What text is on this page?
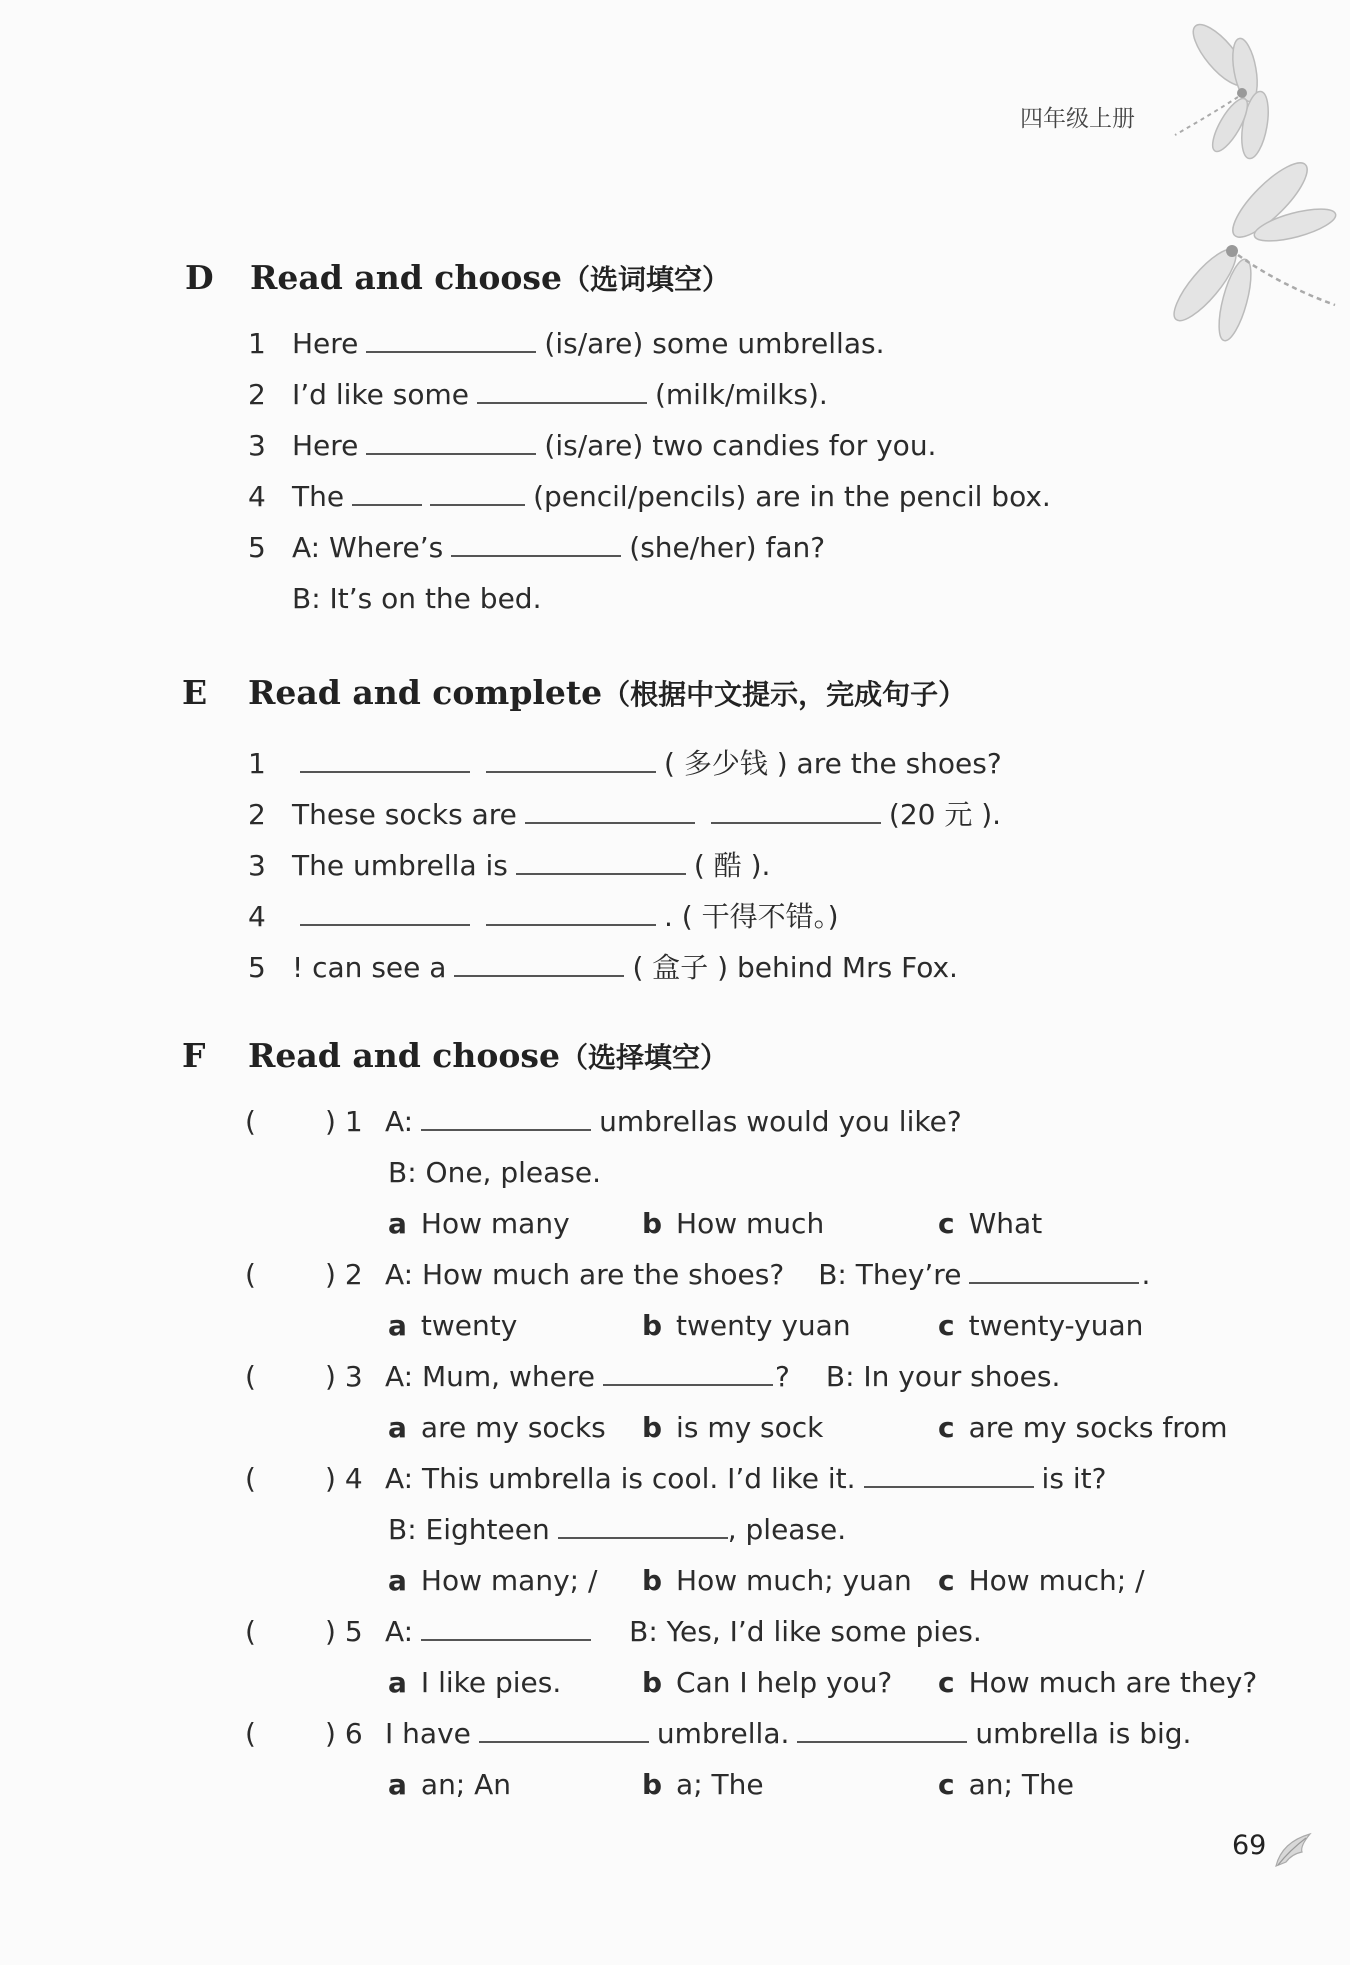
四年级上册
D Read and choose（选词填空）
1 Here	(is/are) some umbrellas.
2 I’d like some	(milk/milks).
3 Here	(is/are) two candies for you.
4 The	(pencil/pencils) are in the pencil box.
5 A: Where’s	(she/her) fan?
B: It’s on the bed.
E Read and complete（根据中文提示，完成句子）
1	( 多少钱 ) are the shoes?
2 These socks are	(20 元 ).
3 The umbrella is	( 酷 ).
4	. ( 干得不错。)
5 ! can see a	( 盒子 ) behind Mrs Fox.
F Read and choose（选择填空）
(	) 1 A:	umbrellas would you like?
B: One, please.
a How many	b How much	c What
(	) 2 A: How much are the shoes? B: They’re	.
a twenty	b twenty yuan	c twenty-yuan
(	) 3 A: Mum, where	? B: In your shoes.
a are my socks	b is my sock	c are my socks from
(	) 4 A: This umbrella is cool. I’d like it.	is it?
B: Eighteen	, please.
a How many; /	b How much; yuan c How much; /
(	) 5 A:	B: Yes, I’d like some pies.
a I like pies.	b Can I help you?	c How much are they?
(	) 6 I have	umbrella.	umbrella is big.
a an; An	b a; The	c an; The
69
